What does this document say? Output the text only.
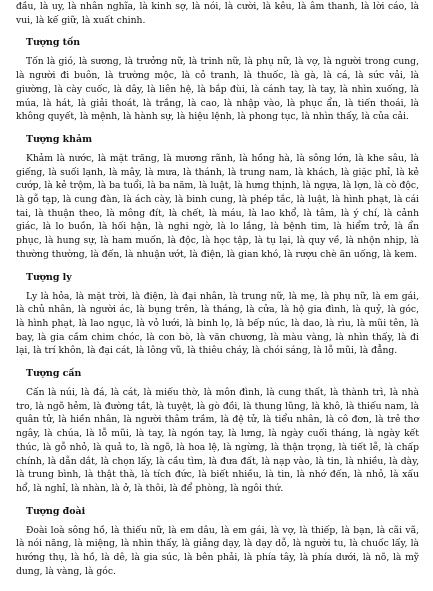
đầu, là uy, là nhân nghĩa, là kinh sợ, là nói, là cười, là kêu, là âm thanh, là lời cáo, là vui, là kế giữ, là xuất chinh.

Tượng tốn

Tốn là gió, là sương, là trưởng nữ, là trinh nữ, là phụ nữ, là vợ, là người trong cung, là người đi buôn, là trường mộc, là cỏ tranh, là thuốc, là gà, là cá, là sức vải, là giường, là cày cuốc, là dây, là liên hệ, là bắp đùi, là cánh tay, là tay, là nhìn xuống, là múa, là hát, là giải thoát, là trắng, là cao, là nhập vào, là phục ẩn, là tiến thoái, là không quyết, là mệnh, là hành sự, là hiệu lệnh, là phong tục, là nhìn thấy, là của cải.

Tượng khảm

Khảm là nước, là mặt trăng, là mương rãnh, là hồng hà, là sông lớn, là khe sâu, là giếng, là suối lạnh, là mây, là mưa, là thánh, là trung nam, là khách, là giặc phỉ, là kẻ cướp, là kẻ trộm, là ba tuổi, là ba năm, là luật, là hưng thịnh, là ngựa, là lợn, là cò độc, là gỗ tạp, là cung đàn, là ách cày, là binh cung, là phép tắc, là luật, là hình phạt, là cái tai, là thuận theo, là mông đít, là chết, là máu, là lao khổ, là tâm, là ý chí, là cảnh giác, là lo buồn, là hối hận, là nghi ngờ, là lo lắng, là bệnh tim, là hiểm trở, là ẩn phục, là hung sự, là ham muốn, là độc, là học tập, là tụ lại, là quy về, là nhộn nhịp, là thường thường, là đến, là nhuận ướt, là điện, là gian khó, là rượu chè ăn uống, là kem.

Tượng ly

Ly là hỏa, là mặt trời, là điện, là đại nhân, là trung nữ, là mẹ, là phụ nữ, là em gái, là chủ nhân, là người ác, là bụng trên, là tháng, là cửa, là hộ gia đình, là quỷ, là góc, là hình phạt, là lao ngục, là vỏ lưới, là binh lọ, là bếp núc, là dao, là rìu, là mũi tên, là bay, là gia cầm chim chóc, là con bò, là văn chương, là màu vàng, là nhìn thấy, là đi lại, là trí khôn, là đại cát, là lông vũ, là thiêu cháy, là chói sáng, là lỗ mũi, là đẳng.

Tượng cấn

Cấn là núi, là đá, là cát, là miếu thờ, là môn đình, là cung thất, là thành trì, là nhà tro, là ngõ hẻm, là đường tắt, là tuyệt, là gò đồi, là thung lũng, là khô, là thiếu nam, là quân tử, là hiền nhân, là người thâm trầm, là đệ tử, là tiểu nhân, là cô đơn, là trẻ thơ ngây, là chúa, là lỗ mũi, là tay, là ngón tay, là lưng, là ngày cuối tháng, là ngày kết thúc, là gỗ nhỏ, là quả to, là ngõ, là hoa lệ, là ngừng, là thận trọng, là tiết lễ, là chấp chính, là dẫn dắt, là chọn lấy, là cầu tìm, là đưa đất, là nạp vào, là tin, là nhiều, là dày, là trung bình, là thật thà, là tích đức, là biết nhiều, là tin, là nhớ đến, là nhỏ, là xấu hổ, là nghỉ, là nhàn, là ở, là thôi, là để phòng, là ngôi thứ.

Tượng đoài

Đoài loà sông hồ, là thiếu nữ, là em dâu, là em gái, là vợ, là thiếp, là bạn, là cãi vã, là nói năng, là miệng, là nhìn thấy, là giảng dạy, là dạy dỗ, là người tu, là chuốc lấy, là hướng thụ, là hồ, là dê, là gia súc, là bên phải, là phía tây, là phía dưới, là nõ, là mỹ dung, là vàng, là góc.
